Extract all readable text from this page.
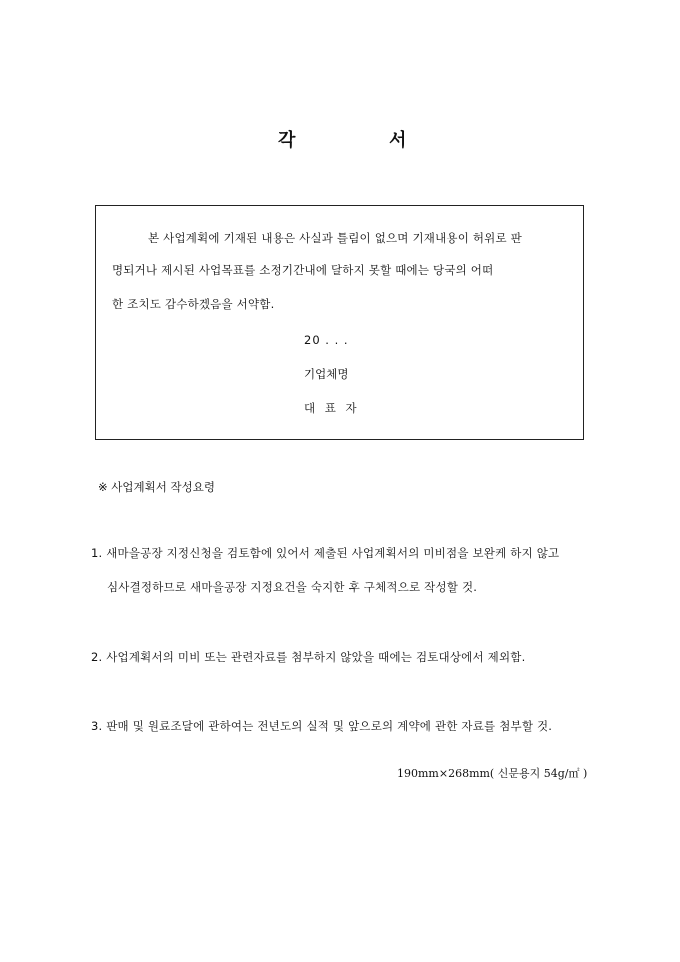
각	서
본 사업계획에 기재된 내용은 사실과 틀림이 없으며 기재내용이 허위로 판
명되거나 제시된 사업목표를 소정기간내에 달하지 못할 때에는 당국의 어떠
한 조치도 감수하겠음을 서약함.
20 . . .
기업체명
대 표 자
※ 사업계획서 작성요령
1. 새마을공장 지정신청을 검토함에 있어서 제출된 사업계획서의 미비점을 보완케 하지 않고
심사결정하므로 새마을공장 지정요건을 숙지한 후 구체적으로 작성할 것.
2. 사업계획서의 미비 또는 관련자료를 첨부하지 않았을 때에는 검토대상에서 제외함.
3. 판매 및 원료조달에 관하여는 전년도의 실적 및 앞으로의 계약에 관한 자료를 첨부할 것.
190mm×268mm( 신문용지 54g/㎡ )
